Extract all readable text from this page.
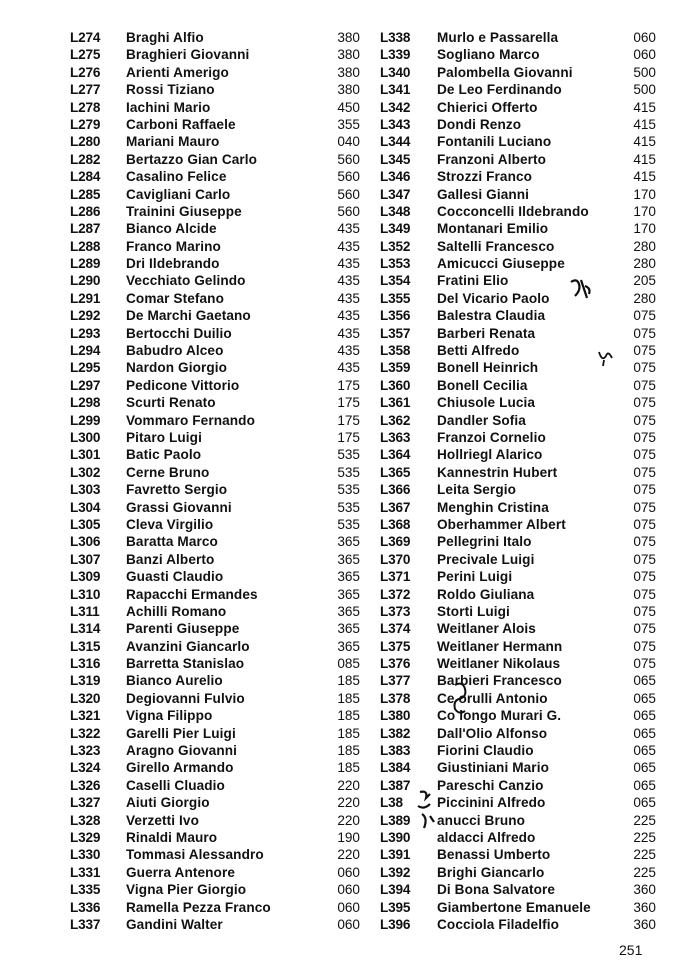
L274 Braghi Alfio	380
L275 Braghieri Giovanni	380
L276 Arienti Amerigo	380
L277 Rossi Tiziano	380
L278 Iachini Mario	450
L279 Carboni Raffaele	355
L280 Mariani Mauro	040
L282 Bertazzo Gian Carlo	560
L284 Casalino Felice	560
L285 Cavigliani Carlo	560
L286 Trainini Giuseppe	560
L287 Bianco Alcide	435
L288 Franco Marino	435
L289 Dri Ildebrando	435
L290 Vecchiato Gelindo	435
L291 Comar Stefano	435
L292 De Marchi Gaetano	435
L293 Bertocchi Duilio	435
L294 Babudro Alceo	435
L295 Nardon Giorgio	435
L297 Pedicone Vittorio	175
L298 Scurti Renato	175
L299 Vommaro Fernando	175
L300 Pitaro Luigi	175
L301 Batic Paolo	535
L302 Cerne Bruno	535
L303 Favretto Sergio	535
L304 Grassi Giovanni	535
L305 Cleva Virgilio	535
L306 Baratta Marco	365
L307 Banzi Alberto	365
L309 Guasti Claudio	365
L310 Rapacchi Ermandes	365
L311 Achilli Romano	365
L314 Parenti Giuseppe	365
L315 Avanzini Giancarlo	365
L316 Barretta Stanislao	085
L319 Bianco Aurelio	185
L320 Degiovanni Fulvio	185
L321 Vigna Filippo	185
L322 Garelli Pier Luigi	185
L323 Aragno Giovanni	185
L324 Girello Armando	185
L326 Caselli Cluadio	220
L327 Aiuti Giorgio	220
L328 Verzetti Ivo	220
L329 Rinaldi Mauro	190
L330 Tommasi Alessandro	220
L331 Guerra Antenore	060
L335 Vigna Pier Giorgio	060
L336 Ramella Pezza Franco	060
L337 Gandini Walter	060
L338 Murlo e Passarella	060
L339 Sogliano Marco	060
L340 Palombella Giovanni	500
L341 De Leo Ferdinando	500
L342 Chierici Offerto	415
L343 Dondi Renzo	415
L344 Fontanili Luciano	415
L345 Franzoni Alberto	415
L346 Strozzi Franco	415
L347 Gallesi Gianni	170
L348 Cocconcelli Ildebrando	170
L349 Montanari Emilio	170
L352 Saltelli Francesco	280
L353 Amicucci Giuseppe	280
L354 Fratini Elio	205
L355 Del Vicario Paolo	280
L356 Balestra Claudia	075
L357 Barberi Renata	075
L358 Betti Alfredo	075
L359 Bonell Heinrich	075
L360 Bonell Cecilia	075
L361 Chiusole Lucia	075
L362 Dandler Sofia	075
L363 Franzoi Cornelio	075
L364 Hollriegl Alarico	075
L365 Kannestrin Hubert	075
L366 Leita Sergio	075
L367 Menghin Cristina	075
L368 Oberhammer Albert	075
L369 Pellegrini Italo	075
L370 Precivale Luigi	075
L371 Perini Luigi	075
L372 Roldo Giuliana	075
L373 Storti Luigi	075
L374 Weitlaner Alois	075
L375 Weitlaner Hermann	075
L376 Weitlaner Nikolaus	075
L377 Barbieri Francesco	065
L378 Ce orulli Antonio	065
L380 Co longo Murari G.	065
L382 Dall'Olio Alfonso	065
L383 Fiorini Claudio	065
L384 Giustiniani Mario	065
L387 Pareschi Canzio	065
L38	Piccinini Alfredo	065
L389 anucci Bruno	225
L390 aldacci Alfredo	225
L391 Benassi Umberto	225
L392 Brighi Giancarlo	225
L394 Di Bona Salvatore	360
L395 Giambertone Emanuele	360
L396 Cocciola Filadelfio	360
251
